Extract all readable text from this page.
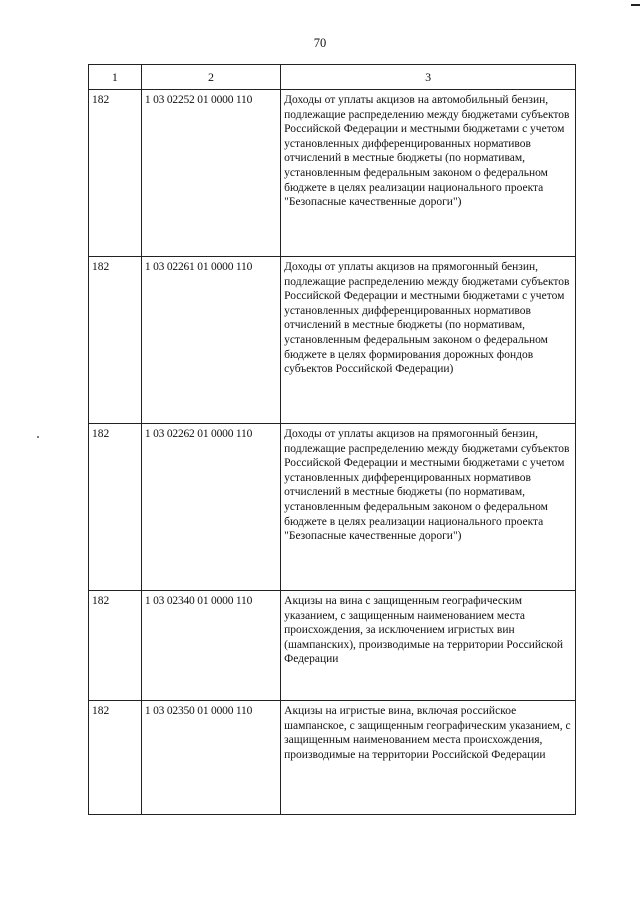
70
1	2	3
182	1 03 02252 01 0000 110	Доходы от уплаты акцизов на автомобильный бензин, подлежащие распределению между бюджетами субъектов Российской Федерации и местными бюджетами с учетом установленных дифференцированных нормативов отчислений в местные бюджеты (по нормативам, установленным федеральным законом о федеральном бюджете в целях реализации национального проекта "Безопасные качественные дороги")
182	1 03 02261 01 0000 110	Доходы от уплаты акцизов на прямогонный бензин, подлежащие распределению между бюджетами субъектов Российской Федерации и местными бюджетами с учетом установленных дифференцированных нормативов отчислений в местные бюджеты (по нормативам, установленным федеральным законом о федеральном бюджете в целях формирования дорожных фондов субъектов Российской Федерации)
182	1 03 02262 01 0000 110	Доходы от уплаты акцизов на прямогонный бензин, подлежащие распределению между бюджетами субъектов Российской Федерации и местными бюджетами с учетом установленных дифференцированных нормативов отчислений в местные бюджеты (по нормативам, установленным федеральным законом о федеральном бюджете в целях реализации национального проекта "Безопасные качественные дороги")
182	1 03 02340 01 0000 110	Акцизы на вина с защищенным географическим указанием, с защищенным наименованием места происхождения, за исключением игристых вин (шампанских), производимые на территории Российской Федерации
182	1 03 02350 01 0000 110	Акцизы на игристые вина, включая российское шампанское, с защищенным географическим указанием, с защищенным наименованием места происхождения, производимые на территории Российской Федерации
